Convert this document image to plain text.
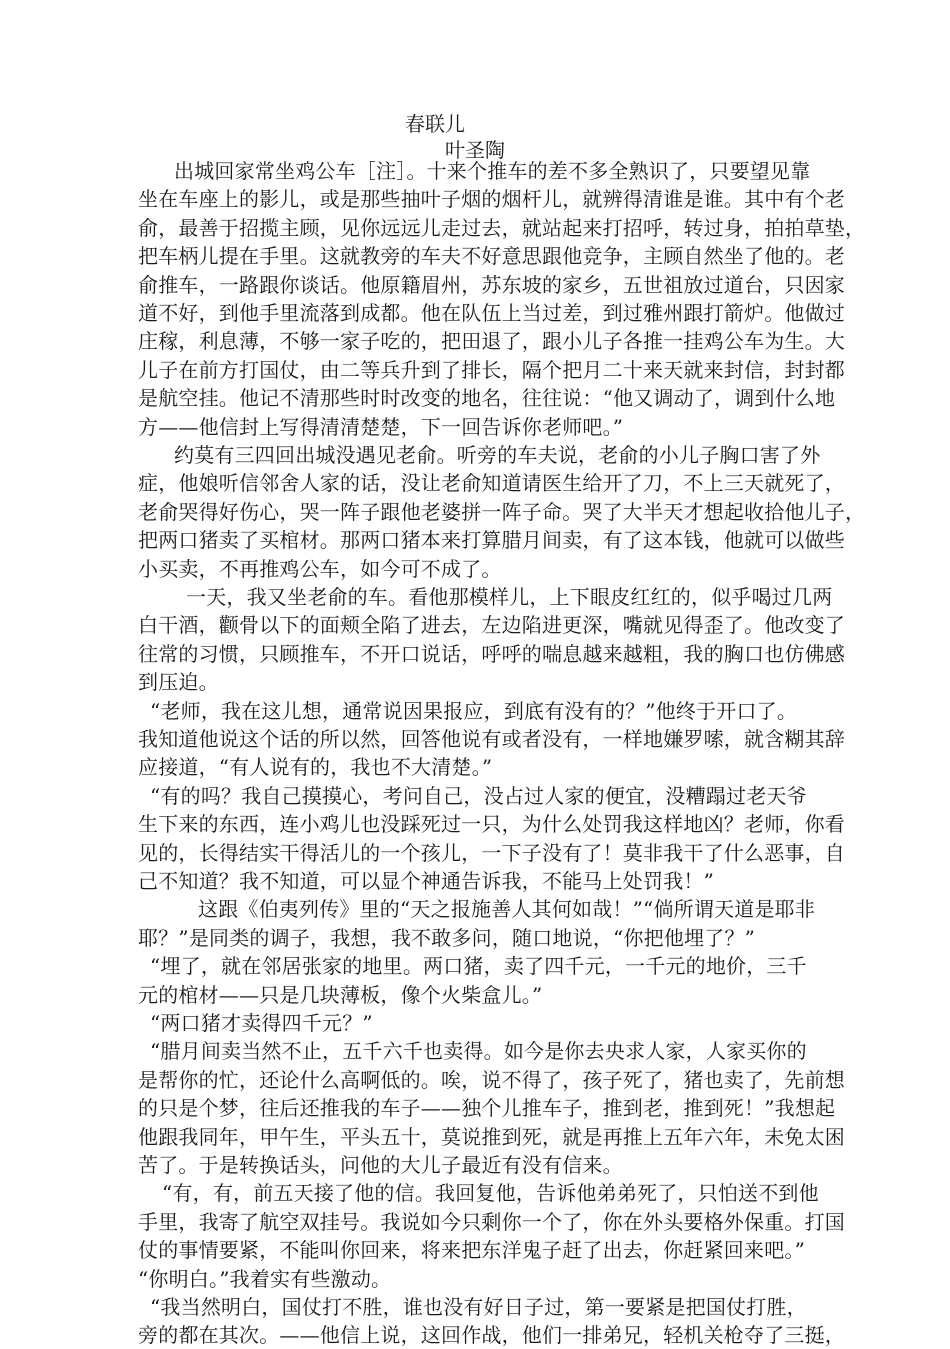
春联儿
叶圣陶
出城回家常坐鸡公车［注］。十来个推车的差不多全熟识了，只要望见靠
坐在车座上的影儿，或是那些抽叶子烟的烟杆儿，就辨得清谁是谁。其中有个老
俞，最善于招揽主顾，见你远远儿走过去，就站起来打招呼，转过身，拍拍草垫，
把车柄儿提在手里。这就教旁的车夫不好意思跟他竞争，主顾自然坐了他的。老
俞推车，一路跟你谈话。他原籍眉州，苏东坡的家乡，五世祖放过道台，只因家
道不好，到他手里流落到成都。他在队伍上当过差，到过雅州跟打箭炉。他做过
庄稼，利息薄，不够一家子吃的，把田退了，跟小儿子各推一挂鸡公车为生。大
儿子在前方打国仗，由二等兵升到了排长，隔个把月二十来天就来封信，封封都
是航空挂。他记不清那些时时改变的地名，往往说：“他又调动了，调到什么地
方——他信封上写得清清楚楚，下一回告诉你老师吧。”
约莫有三四回出城没遇见老俞。听旁的车夫说，老俞的小儿子胸口害了外
症，他娘听信邻舍人家的话，没让老俞知道请医生给开了刀，不上三天就死了，
老俞哭得好伤心，哭一阵子跟他老婆拼一阵子命。哭了大半天才想起收拾他儿子，
把两口猪卖了买棺材。那两口猪本来打算腊月间卖，有了这本钱，他就可以做些
小买卖，不再推鸡公车，如今可不成了。
一天，我又坐老俞的车。看他那模样儿，上下眼皮红红的，似乎喝过几两
白干酒，颧骨以下的面颊全陷了进去，左边陷进更深，嘴就见得歪了。他改变了
往常的习惯，只顾推车，不开口说话，呼呼的喘息越来越粗，我的胸口也仿佛感
到压迫。
“老师，我在这儿想，通常说因果报应，到底有没有的？”他终于开口了。
我知道他说这个话的所以然，回答他说有或者没有，一样地嫌罗嗦，就含糊其辞
应接道，“有人说有的，我也不大清楚。”
“有的吗？我自己摸摸心，考问自己，没占过人家的便宜，没糟蹋过老天爷
生下来的东西，连小鸡儿也没踩死过一只，为什么处罚我这样地凶？老师，你看
见的，长得结实干得活儿的一个孩儿，一下子没有了！莫非我干了什么恶事，自
己不知道？我不知道，可以显个神通告诉我，不能马上处罚我！”
这跟《伯夷列传》里的“天之报施善人其何如哉！”“倘所谓天道是耶非
耶？”是同类的调子，我想，我不敢多问，随口地说，“你把他埋了？”
“埋了，就在邻居张家的地里。两口猪，卖了四千元，一千元的地价，三千
元的棺材——只是几块薄板，像个火柴盒儿。”
“两口猪才卖得四千元？”
“腊月间卖当然不止，五千六千也卖得。如今是你去央求人家，人家买你的
是帮你的忙，还论什么高啊低的。唉，说不得了，孩子死了，猪也卖了，先前想
的只是个梦，往后还推我的车子——独个儿推车子，推到老，推到死！”我想起
他跟我同年，甲午生，平头五十，莫说推到死，就是再推上五年六年，未免太困
苦了。于是转换话头，问他的大儿子最近有没有信来。
“有，有，前五天接了他的信。我回复他，告诉他弟弟死了，只怕送不到他
手里，我寄了航空双挂号。我说如今只剩你一个了，你在外头要格外保重。打国
仗的事情要紧，不能叫你回来，将来把东洋鬼子赶了出去，你赶紧回来吧。”
“你明白。”我着实有些激动。
“我当然明白，国仗打不胜，谁也没有好日子过，第一要紧是把国仗打胜，
旁的都在其次。——他信上说，这回作战，他们一排弟兄，轻机关枪夺了三挺，
